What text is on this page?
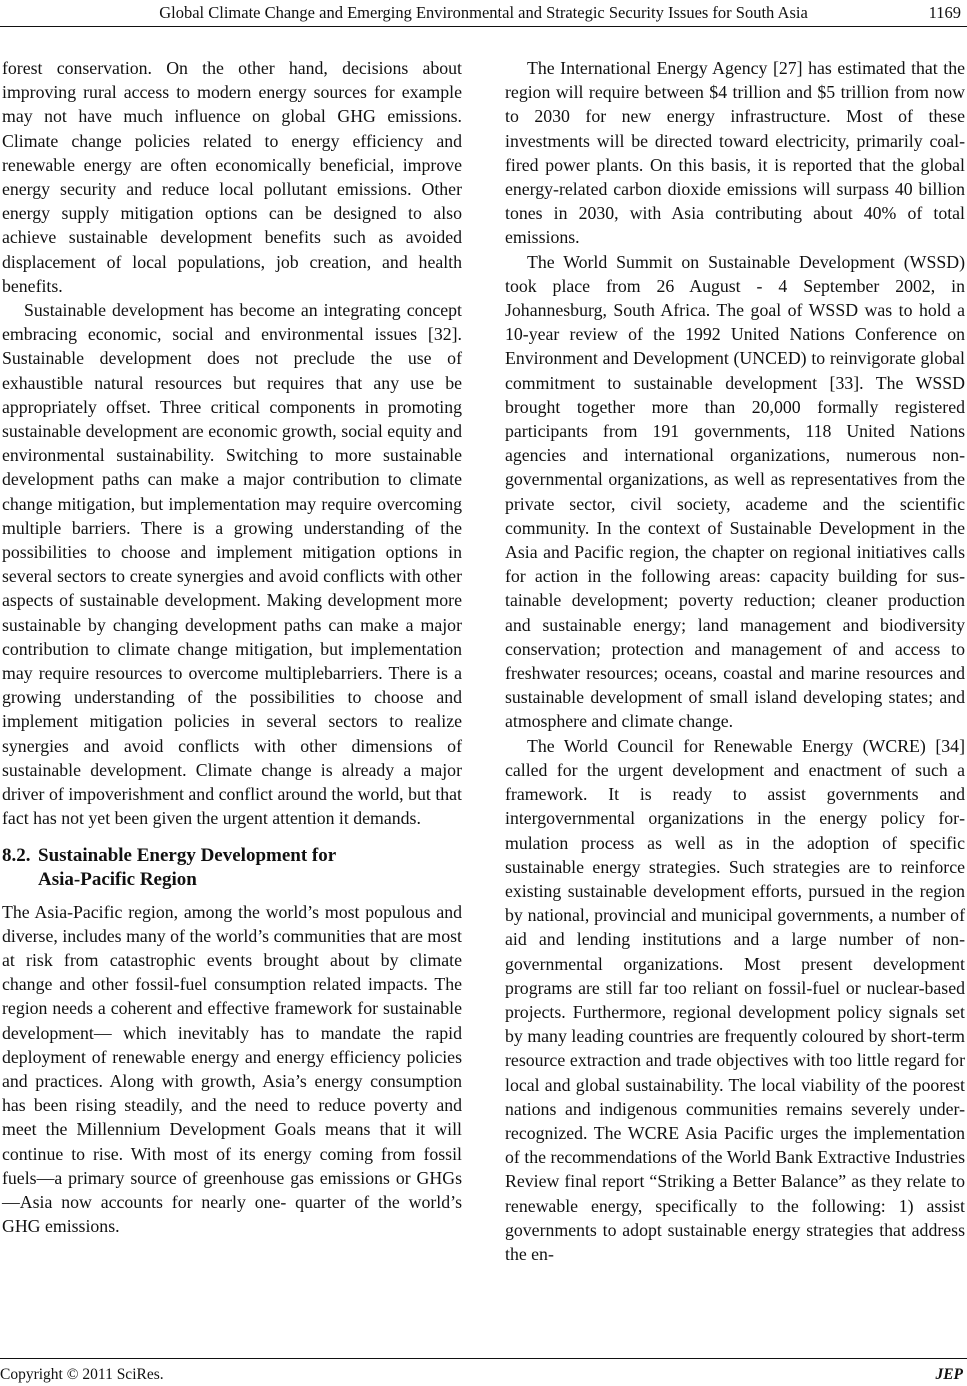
Global Climate Change and Emerging Environmental and Strategic Security Issues for South Asia	1169

forest conservation. On the other hand, decisions about improving rural access to modern energy sources for example may not have much influence on global GHG emissions. Climate change policies related to energy efficiency and renewable energy are often economically beneficial, improve energy security and reduce local pollutant emissions. Other energy supply mitigation options can be designed to also achieve sustainable development benefits such as avoided displacement of local populations, job creation, and health benefits.

Sustainable development has become an integrating concept embracing economic, social and environmental issues [32]. Sustainable development does not preclude the use of exhaustible natural resources but requires that any use be appropriately offset. Three critical components in promoting sustainable development are economic growth, social equity and environmental sustainability. Switching to more sustainable development paths can make a major contribution to climate change mitigation, but implementation may require overcoming multiple barriers. There is a growing understanding of the possibilities to choose and implement mitigation options in several sectors to create synergies and avoid conflicts with other aspects of sustainable development. Making development more sustainable by changing development paths can make a major contribution to climate change mitigation, but implementation may require resources to overcome multiplebarriers. There is a growing understanding of the possibilities to choose and implement mitigation policies in several sectors to realize synergies and avoid conflicts with other dimensions of sustainable development. Climate change is already a major driver of impoverishment and conflict around the world, but that fact has not yet been given the urgent attention it demands.

8.2. Sustainable Energy Development for
Asia-Pacific Region

The Asia-Pacific region, among the world’s most populous and diverse, includes many of the world’s communities that are most at risk from catastrophic events brought about by climate change and other fossil-fuel consumption related impacts. The region needs a coherent and effective framework for sustainable development— which inevitably has to mandate the rapid deployment of renewable energy and energy efficiency policies and practices. Along with growth, Asia’s energy consumption has been rising steadily, and the need to reduce poverty and meet the Millennium Development Goals means that it will continue to rise. With most of its energy coming from fossil fuels—a primary source of greenhouse gas emissions or GHGs—Asia now accounts for nearly one- quarter of the world’s GHG emissions.

The International Energy Agency [27] has estimated that the region will require between $4 trillion and $5 trillion from now to 2030 for new energy infrastructure. Most of these investments will be directed toward electricity, primarily coal-fired power plants. On this basis, it is reported that the global energy-related carbon dioxide emissions will surpass 40 billion tones in 2030, with Asia contributing about 40% of total emissions.

The World Summit on Sustainable Development (WSSD) took place from 26 August - 4 September 2002, in Johannesburg, South Africa. The goal of WSSD was to hold a 10-year review of the 1992 United Nations Conference on Environment and Development (UNCED) to reinvigorate global commitment to sustainable development [33]. The WSSD brought together more than 20,000 formally registered participants from 191 governments, 118 United Nations agencies and international organizations, numerous non-governmental organizations, as well as representatives from the private sector, civil society, academe and the scientific community. In the context of Sustainable Development in the Asia and Pacific region, the chapter on regional initiatives calls for action in the following areas: capacity building for sustainable development; poverty reduction; cleaner production and sustainable energy; land management and biodiversity conservation; protection and management of and access to freshwater resources; oceans, coastal and marine resources and sustainable development of small island developing states; and atmosphere and climate change.

The World Council for Renewable Energy (WCRE) [34] called for the urgent development and enactment of such a framework. It is ready to assist governments and intergovernmental organizations in the energy policy formulation process as well as in the adoption of specific sustainable energy strategies. Such strategies are to reinforce existing sustainable development efforts, pursued in the region by national, provincial and municipal governments, a number of aid and lending institutions and a large number of non-governmental organizations. Most present development programs are still far too reliant on fossil-fuel or nuclear-based projects. Furthermore, regional development policy signals set by many leading countries are frequently coloured by short-term resource extraction and trade objectives with too little regard for local and global sustainability. The local viability of the poorest nations and indigenous communities remains severely under-recognized. The WCRE Asia Pacific urges the implementation of the recommendations of the World Bank Extractive Industries Review final report “Striking a Better Balance” as they relate to renewable energy, specifically to the following: 1) assist governments to adopt sustainable energy strategies that address the en-

Copyright © 2011 SciRes.	JEP
